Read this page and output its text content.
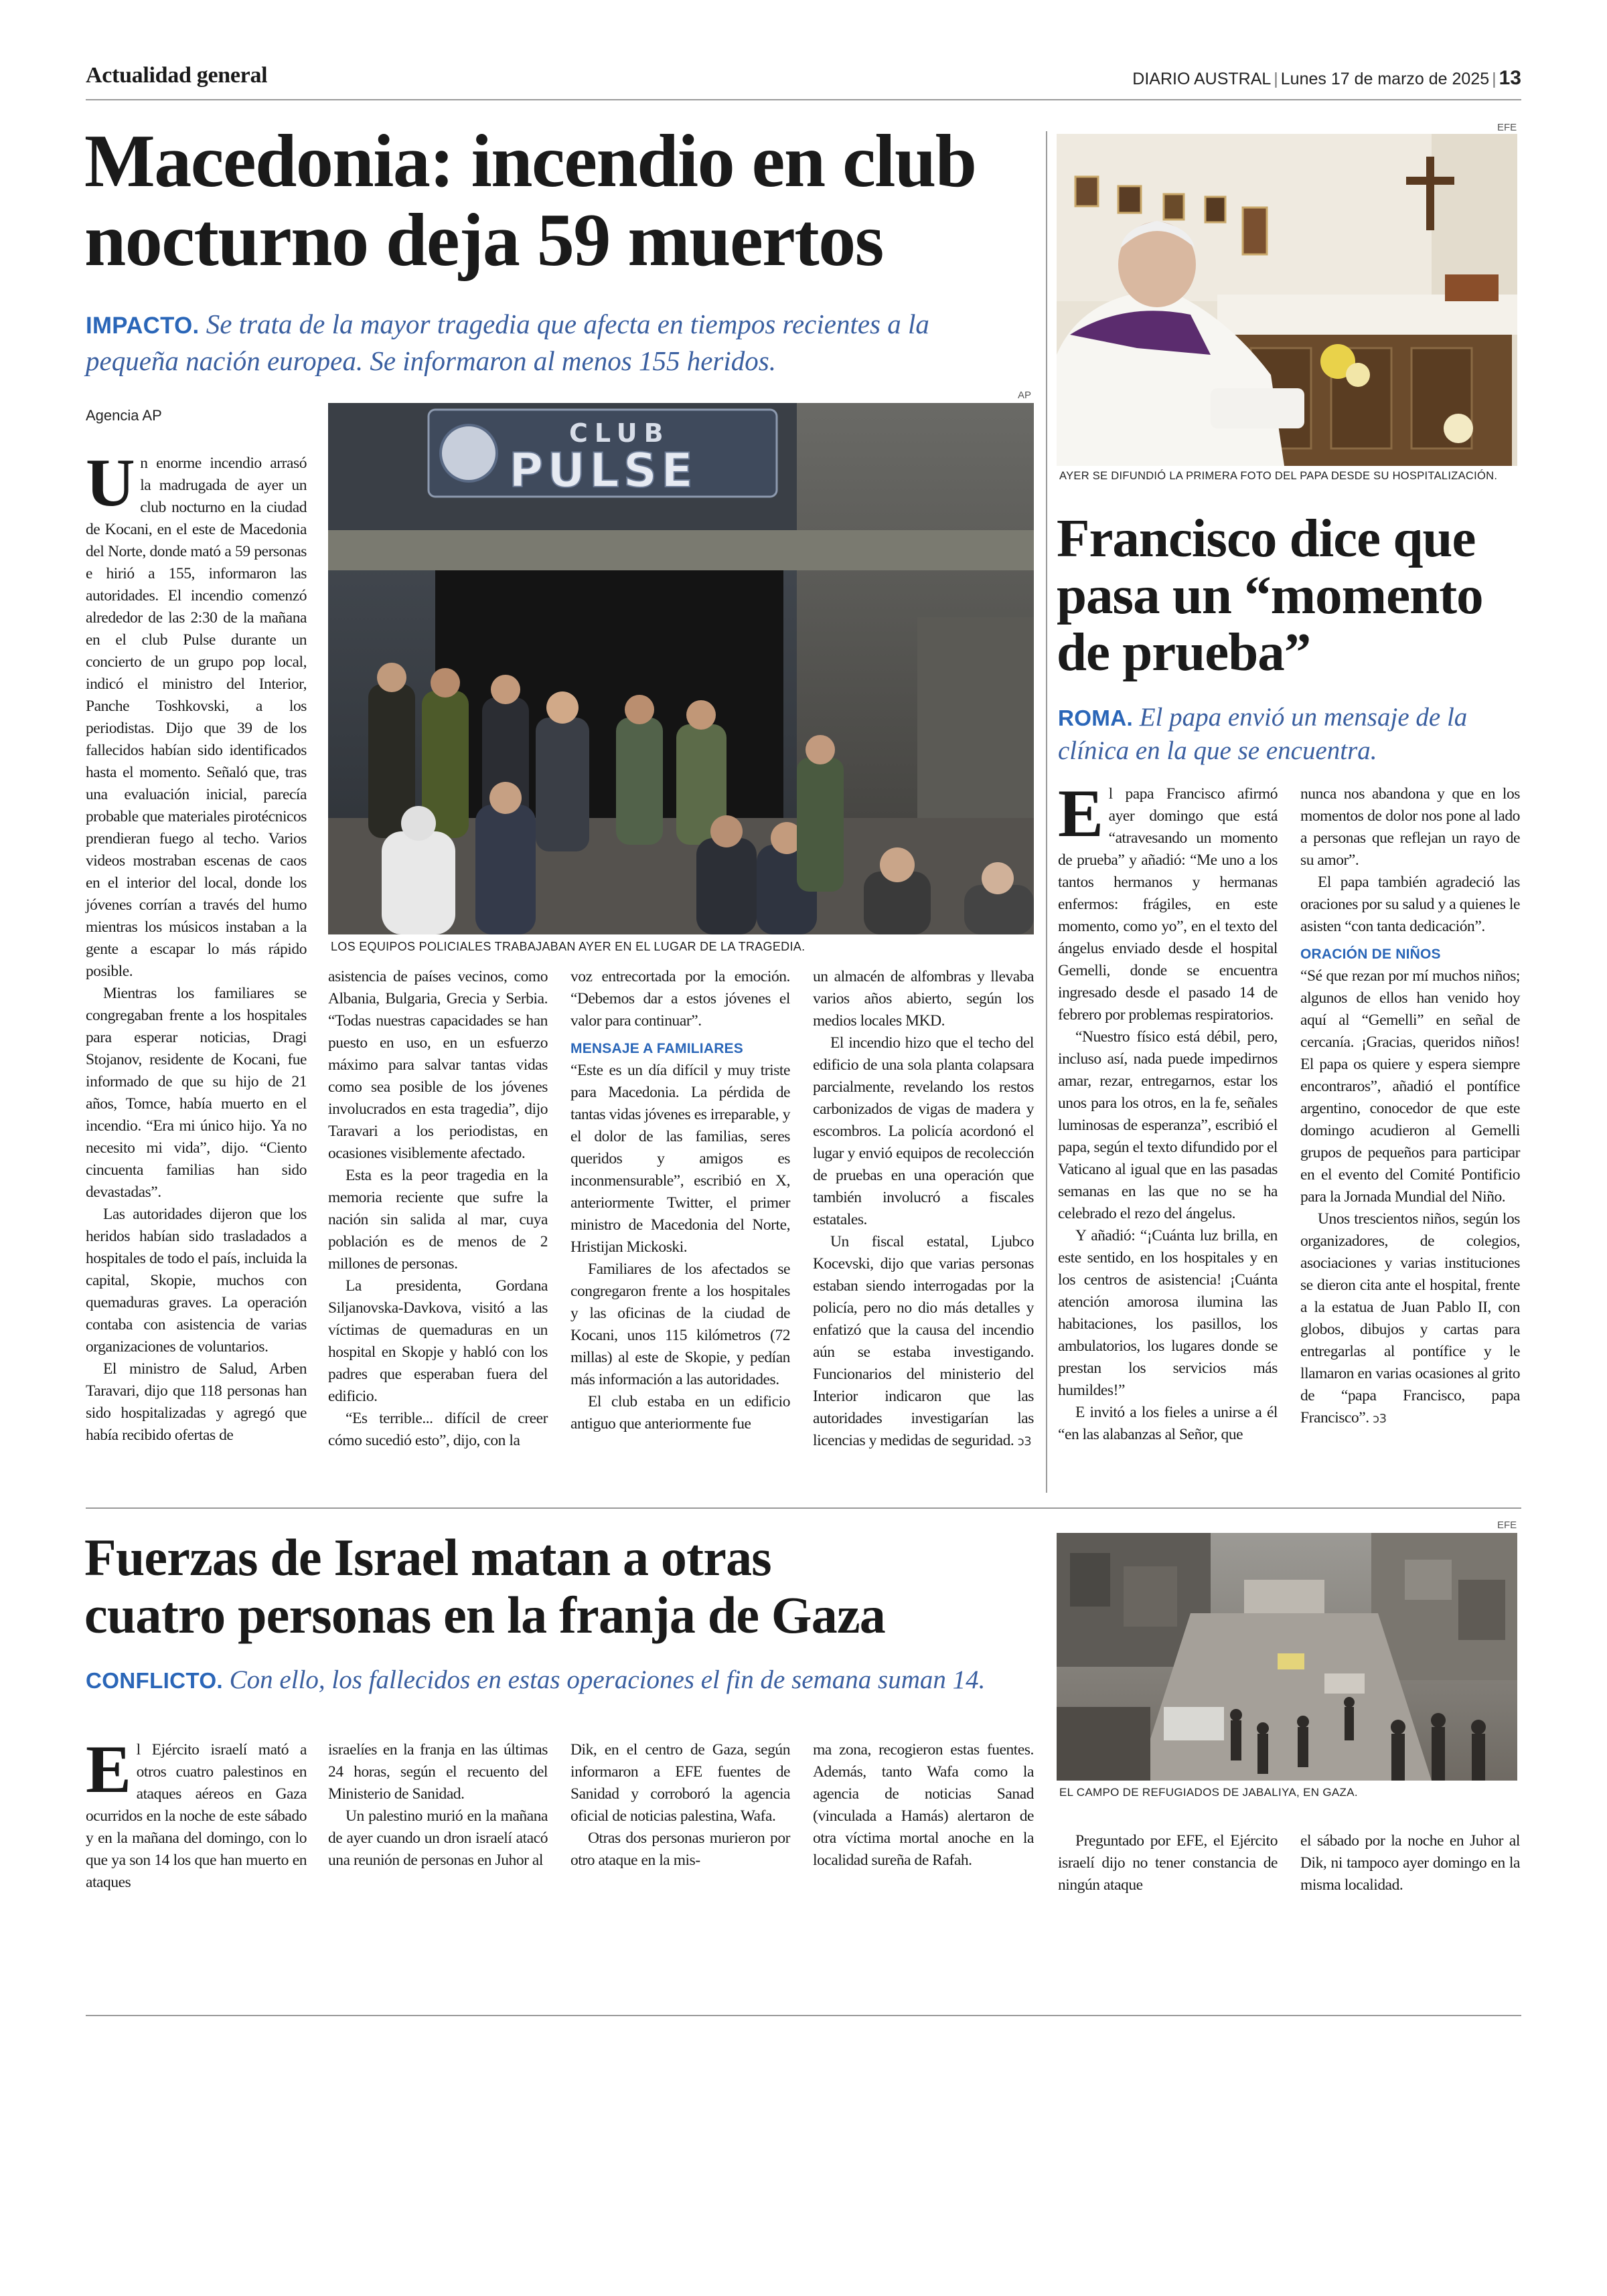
Actualidad general	DIARIO AUSTRAL | Lunes 17 de marzo de 2025 | 13
Macedonia: incendio en club
nocturno deja 59 muertos
IMPACTO. Se trata de la mayor tragedia que afecta en tiempos recientes a la
pequeña nación europea. Se informaron al menos 155 heridos.
Agencia AP
AP
CLUB
PULSE
LOS EQUIPOS POLICIALES TRABAJABAN AYER EN EL LUGAR DE LA TRAGEDIA.

Un enorme incendio arrasó la madrugada de ayer un club nocturno en la ciudad de Kocani, en el este de Macedonia del Norte, donde mató a 59 personas e hirió a 155, informaron las autoridades. El incendio comenzó alrededor de las 2:30 de la mañana en el club Pulse durante un concierto de un grupo pop local, indicó el ministro del Interior, Panche Toshkovski, a los periodistas. Dijo que 39 de los fallecidos habían sido identificados hasta el momento. Señaló que, tras una evaluación inicial, parecía probable que materiales pirotécnicos prendieran fuego al techo. Varios videos mostraban escenas de caos en el interior del local, donde los jóvenes corrían a través del humo mientras los músicos instaban a la gente a escapar lo más rápido posible.

Mientras los familiares se congregaban frente a los hospitales para esperar noticias, Dragi Stojanov, residente de Kocani, fue informado de que su hijo de 21 años, Tomce, había muerto en el incendio. “Era mi único hijo. Ya no necesito mi vida”, dijo. “Ciento cincuenta familias han sido devastadas”.

Las autoridades dijeron que los heridos habían sido trasladados a hospitales de todo el país, incluida la capital, Skopie, muchos con quemaduras graves. La operación contaba con asistencia de varias organizaciones de voluntarios.

El ministro de Salud, Arben Taravari, dijo que 118 personas han sido hospitalizadas y agregó que había recibido ofertas de

asistencia de países vecinos, como Albania, Bulgaria, Grecia y Serbia. “Todas nuestras capacidades se han puesto en uso, en un esfuerzo máximo para salvar tantas vidas como sea posible de los jóvenes involucrados en esta tragedia”, dijo Taravari a los periodistas, en ocasiones visiblemente afectado.

Esta es la peor tragedia en la memoria reciente que sufre la nación sin salida al mar, cuya población es de menos de 2 millones de personas.

La presidenta, Gordana Siljanovska-Davkova, visitó a las víctimas de quemaduras en un hospital en Skopje y habló con los padres que esperaban fuera del edificio.

“Es terrible... difícil de creer cómo sucedió esto”, dijo, con la

voz entrecortada por la emoción. “Debemos dar a estos jóvenes el valor para continuar”.

MENSAJE A FAMILIARES

“Este es un día difícil y muy triste para Macedonia. La pérdida de tantas vidas jóvenes es irreparable, y el dolor de las familias, seres queridos y amigos es inconmensurable”, escribió en X, anteriormente Twitter, el primer ministro de Macedonia del Norte, Hristijan Mickoski.

Familiares de los afectados se congregaron frente a los hospitales y las oficinas de la ciudad de Kocani, unos 115 kilómetros (72 millas) al este de Skopie, y pedían más información a las autoridades.

El club estaba en un edificio antiguo que anteriormente fue

un almacén de alfombras y llevaba varios años abierto, según los medios locales MKD.

El incendio hizo que el techo del edificio de una sola planta colapsara parcialmente, revelando los restos carbonizados de vigas de madera y escombros. La policía acordonó el lugar y envió equipos de recolección de pruebas en una operación que también involucró a fiscales estatales.

Un fiscal estatal, Ljubco Kocevski, dijo que varias personas estaban siendo interrogadas por la policía, pero no dio más detalles y enfatizó que la causa del incendio aún se estaba investigando. Funcionarios del ministerio del Interior indicaron que las autoridades investigarían las licencias y medidas de seguridad. ↄ3

EFE
AYER SE DIFUNDIÓ LA PRIMERA FOTO DEL PAPA DESDE SU HOSPITALIZACIÓN.
Francisco dice que
pasa un “momento
de prueba”
ROMA. El papa envió un mensaje de la
clínica en la que se encuentra.

El papa Francisco afirmó ayer domingo que está “atravesando un momento de prueba” y añadió: “Me uno a los tantos hermanos y hermanas enfermos: frágiles, en este momento, como yo”, en el texto del ángelus enviado desde el hospital Gemelli, donde se encuentra ingresado desde el pasado 14 de febrero por problemas respiratorios.

“Nuestro físico está débil, pero, incluso así, nada puede impedirnos amar, rezar, entregarnos, estar los unos para los otros, en la fe, señales luminosas de esperanza”, escribió el papa, según el texto difundido por el Vaticano al igual que en las pasadas semanas en las que no se ha celebrado el rezo del ángelus.

Y añadió: “¡Cuánta luz brilla, en este sentido, en los hospitales y en los centros de asistencia! ¡Cuánta atención amorosa ilumina las habitaciones, los pasillos, los ambulatorios, los lugares donde se prestan los servicios más humildes!”

E invitó a los fieles a unirse a él “en las alabanzas al Señor, que

nunca nos abandona y que en los momentos de dolor nos pone al lado a personas que reflejan un rayo de su amor”.

El papa también agradeció las oraciones por su salud y a quienes le asisten “con tanta dedicación”.

ORACIÓN DE NIÑOS

“Sé que rezan por mí muchos niños; algunos de ellos han venido hoy aquí al “Gemelli” en señal de cercanía. ¡Gracias, queridos niños! El papa os quiere y espera siempre encontraros”, añadió el pontífice argentino, conocedor de que este domingo acudieron al Gemelli grupos de pequeños para participar en el evento del Comité Pontificio para la Jornada Mundial del Niño.

Unos trescientos niños, según los organizadores, de colegios, asociaciones y varias instituciones se dieron cita ante el hospital, frente a la estatua de Juan Pablo II, con globos, dibujos y cartas para entregarlas al pontífice y le llamaron en varias ocasiones al grito de “papa Francisco, papa Francisco”. ↄ3

Fuerzas de Israel matan a otras
cuatro personas en la franja de Gaza
CONFLICTO. Con ello, los fallecidos en estas operaciones el fin de semana suman 14.

El Ejército israelí mató a otros cuatro palestinos en ataques aéreos en Gaza ocurridos en la noche de este sábado y en la mañana del domingo, con lo que ya son 14 los que han muerto en ataques

israelíes en la franja en las últimas 24 horas, según el recuento del Ministerio de Sanidad.

Un palestino murió en la mañana de ayer cuando un dron israelí atacó una reunión de personas en Juhor al

Dik, en el centro de Gaza, según informaron a EFE fuentes de Sanidad y corroboró la agencia oficial de noticias palestina, Wafa.

Otras dos personas murieron por otro ataque en la mis-

ma zona, recogieron estas fuentes. Además, tanto Wafa como la agencia de noticias Sanad (vinculada a Hamás) alertaron de otra víctima mortal anoche en la localidad sureña de Rafah.

EFE
EL CAMPO DE REFUGIADOS DE JABALIYA, EN GAZA.

Preguntado por EFE, el Ejército israelí dijo no tener constancia de ningún ataque

el sábado por la noche en Juhor al Dik, ni tampoco ayer domingo en la misma localidad.
